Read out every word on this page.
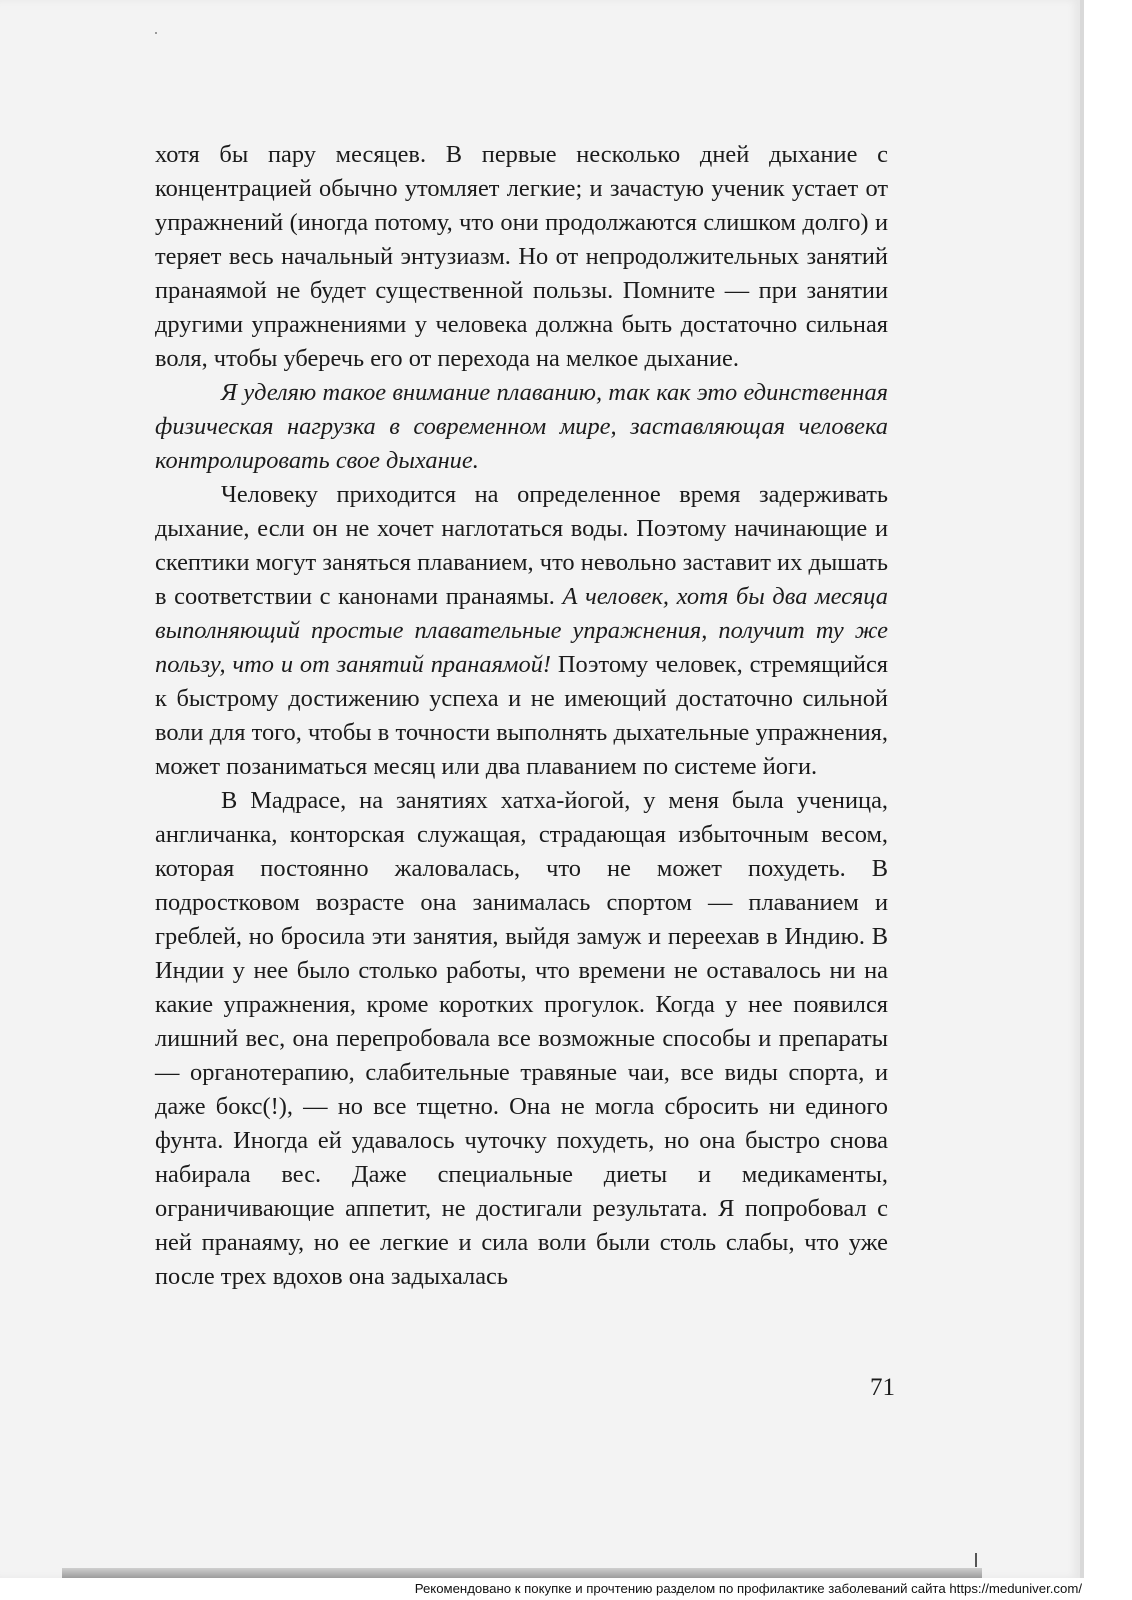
хотя бы пару месяцев. В первые несколько дней дыхание с концентрацией обычно утомляет легкие; и зачастую ученик устает от упражнений (иногда потому, что они продолжаются слишком долго) и теряет весь начальный энтузиазм. Но от непродолжительных занятий пранаямой не будет существенной пользы. Помните — при занятии другими упражнениями у человека должна быть достаточно сильная воля, чтобы уберечь его от перехода на мелкое дыхание.

Я уделяю такое внимание плаванию, так как это единственная физическая нагрузка в современном мире, заставляющая человека контролировать свое дыхание.

Человеку приходится на определенное время задерживать дыхание, если он не хочет наглотаться воды. Поэтому начинающие и скептики могут заняться плаванием, что невольно заставит их дышать в соответствии с канонами пранаямы. А человек, хотя бы два месяца выполняющий простые плавательные упражнения, получит ту же пользу, что и от занятий пранаямой! Поэтому человек, стремящийся к быстрому достижению успеха и не имеющий достаточно сильной воли для того, чтобы в точности выполнять дыхательные упражнения, может позаниматься месяц или два плаванием по системе йоги.

В Мадрасе, на занятиях хатха-йогой, у меня была ученица, англичанка, конторская служащая, страдающая избыточным весом, которая постоянно жаловалась, что не может похудеть. В подростковом возрасте она занималась спортом — плаванием и греблей, но бросила эти занятия, выйдя замуж и переехав в Индию. В Индии у нее было столько работы, что времени не оставалось ни на какие упражнения, кроме коротких прогулок. Когда у нее появился лишний вес, она перепробовала все возможные способы и препараты — органотерапию, слабительные травяные чаи, все виды спорта, и даже бокс(!), — но все тщетно. Она не могла сбросить ни единого фунта. Иногда ей удавалось чуточку похудеть, но она быстро снова набирала вес. Даже специальные диеты и медикаменты, ограничивающие аппетит, не достигали результата. Я попробовал с ней пранаяму, но ее легкие и сила воли были столь слабы, что уже после трех вдохов она задыхалась

71
Рекомендовано к покупке и прочтению разделом по профилактике заболеваний сайта https://meduniver.com/
